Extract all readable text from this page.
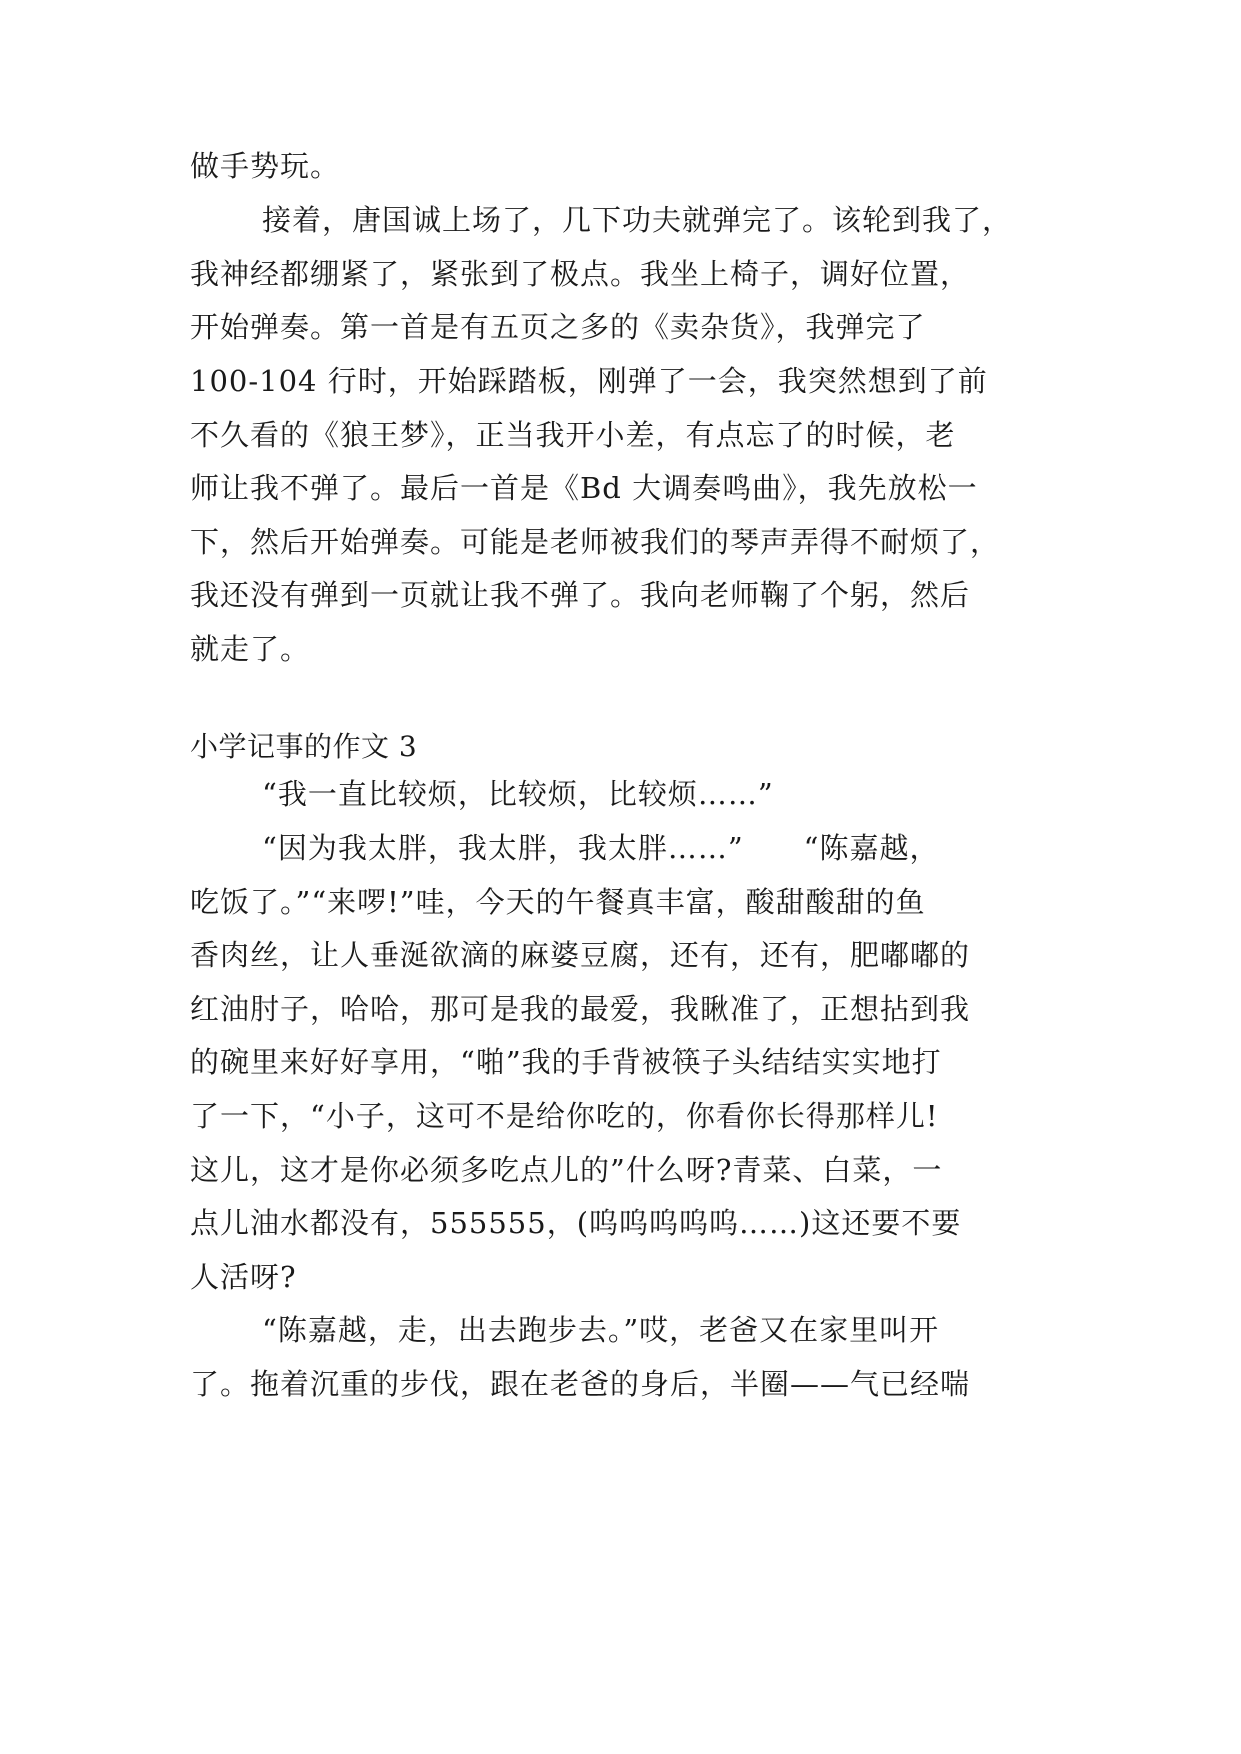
做手势玩。
接着，唐国诚上场了，几下功夫就弹完了。该轮到我了，
我神经都绷紧了，紧张到了极点。我坐上椅子，调好位置，
开始弹奏。第一首是有五页之多的《卖杂货》，我弹完了
100-104 行时，开始踩踏板，刚弹了一会，我突然想到了前
不久看的《狼王梦》，正当我开小差，有点忘了的时候，老
师让我不弹了。最后一首是《Bd 大调奏鸣曲》，我先放松一
下，然后开始弹奏。可能是老师被我们的琴声弄得不耐烦了，
我还没有弹到一页就让我不弹了。我向老师鞠了个躬，然后
就走了。
小学记事的作文 3
“我一直比较烦，比较烦，比较烦……”
“因为我太胖，我太胖，我太胖……”　　“陈嘉越，
吃饭了。”“来啰!”哇，今天的午餐真丰富，酸甜酸甜的鱼
香肉丝，让人垂涎欲滴的麻婆豆腐，还有，还有，肥嘟嘟的
红油肘子，哈哈，那可是我的最爱，我瞅准了，正想拈到我
的碗里来好好享用，“啪”我的手背被筷子头结结实实地打
了一下，“小子，这可不是给你吃的，你看你长得那样儿!
这儿，这才是你必须多吃点儿的”什么呀?青菜、白菜，一
点儿油水都没有，555555，(呜呜呜呜呜……)这还要不要
人活呀?
“陈嘉越，走，出去跑步去。”哎，老爸又在家里叫开
了。拖着沉重的步伐，跟在老爸的身后，半圈——气已经喘
